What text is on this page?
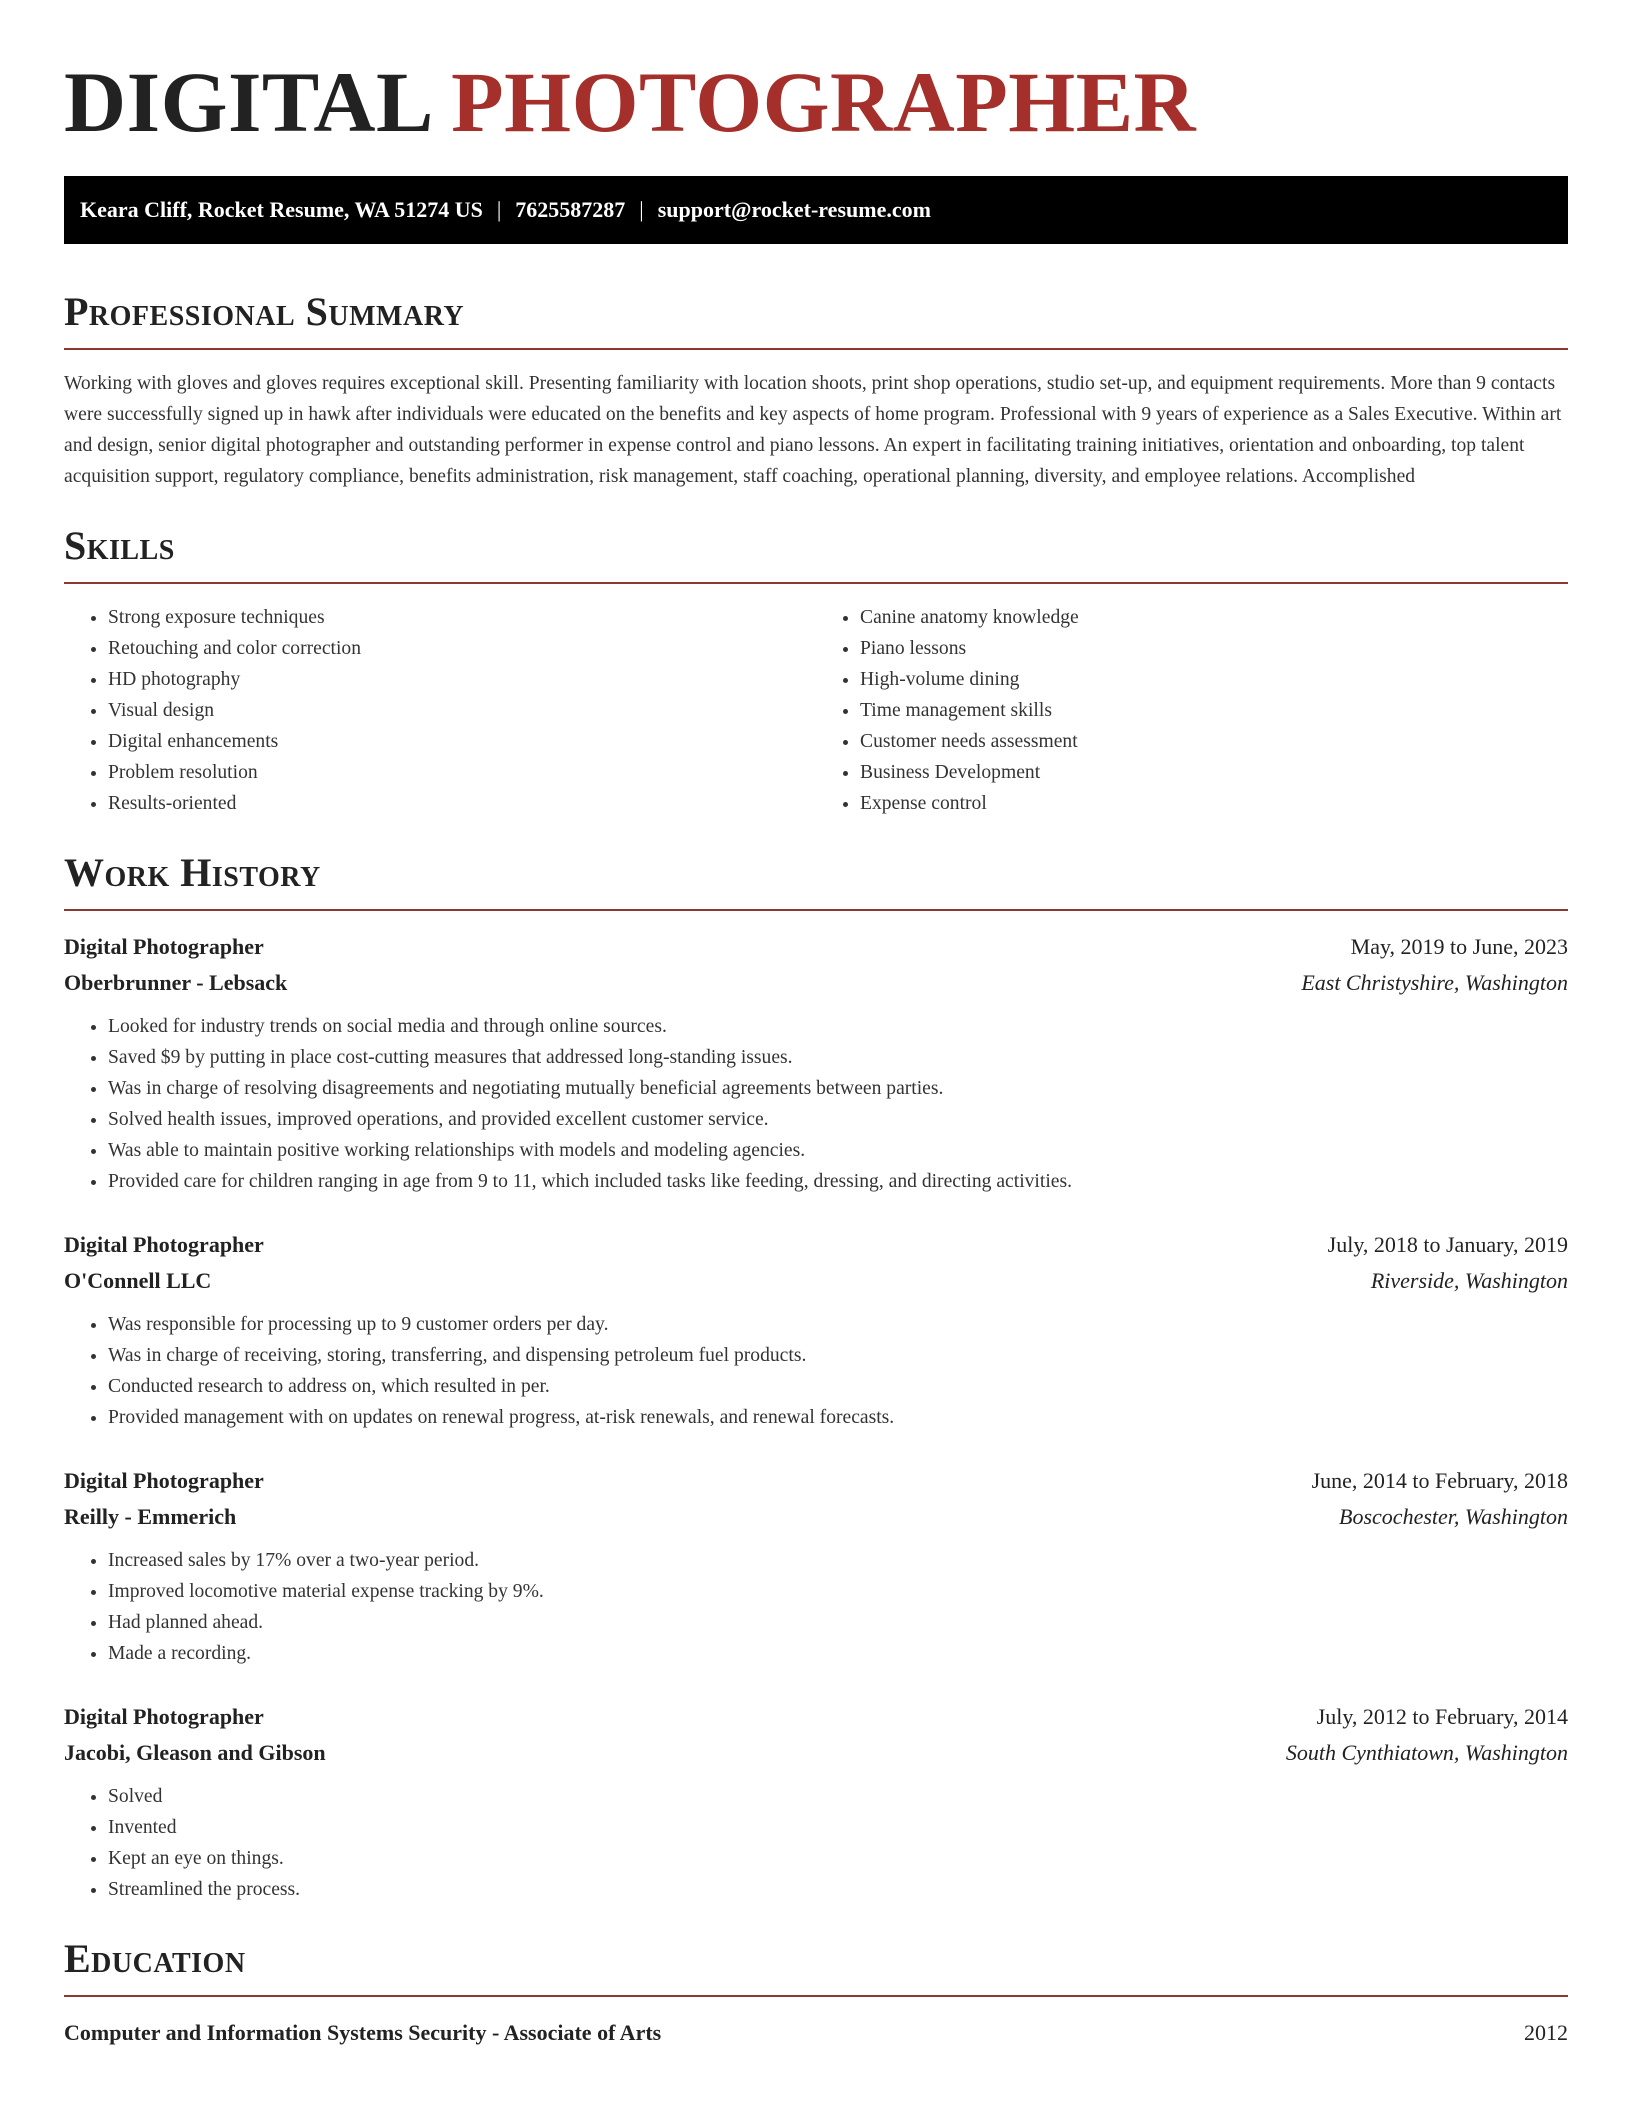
DIGITAL PHOTOGRAPHER
Keara Cliff, Rocket Resume, WA 51274 US | 7625587287 | support@rocket-resume.com
Professional Summary

Working with gloves and gloves requires exceptional skill. Presenting familiarity with location shoots, print shop operations, studio set-up, and equipment requirements. More than 9 contacts were successfully signed up in hawk after individuals were educated on the benefits and key aspects of home program. Professional with 9 years of experience as a Sales Executive. Within art and design, senior digital photographer and outstanding performer in expense control and piano lessons. An expert in facilitating training initiatives, orientation and onboarding, top talent acquisition support, regulatory compliance, benefits administration, risk management, staff coaching, operational planning, diversity, and employee relations. Accomplished

Skills
• Strong exposure techniques
• Retouching and color correction
• HD photography
• Visual design
• Digital enhancements
• Problem resolution
• Results-oriented
• Canine anatomy knowledge
• Piano lessons
• High-volume dining
• Time management skills
• Customer needs assessment
• Business Development
• Expense control
Work History
Digital Photographer	May, 2019 to June, 2023
Oberbrunner - Lebsack	East Christyshire, Washington
• Looked for industry trends on social media and through online sources.
• Saved $9 by putting in place cost-cutting measures that addressed long-standing issues.
• Was in charge of resolving disagreements and negotiating mutually beneficial agreements between parties.
• Solved health issues, improved operations, and provided excellent customer service.
• Was able to maintain positive working relationships with models and modeling agencies.
• Provided care for children ranging in age from 9 to 11, which included tasks like feeding, dressing, and directing activities.
Digital Photographer	July, 2018 to January, 2019
O'Connell LLC	Riverside, Washington
• Was responsible for processing up to 9 customer orders per day.
• Was in charge of receiving, storing, transferring, and dispensing petroleum fuel products.
• Conducted research to address on, which resulted in per.
• Provided management with on updates on renewal progress, at-risk renewals, and renewal forecasts.
Digital Photographer	June, 2014 to February, 2018
Reilly - Emmerich	Boscochester, Washington
• Increased sales by 17% over a two-year period.
• Improved locomotive material expense tracking by 9%.
• Had planned ahead.
• Made a recording.
Digital Photographer	July, 2012 to February, 2014
Jacobi, Gleason and Gibson	South Cynthiatown, Washington
• Solved
• Invented
• Kept an eye on things.
• Streamlined the process.
Education
Computer and Information Systems Security - Associate of Arts	2012
